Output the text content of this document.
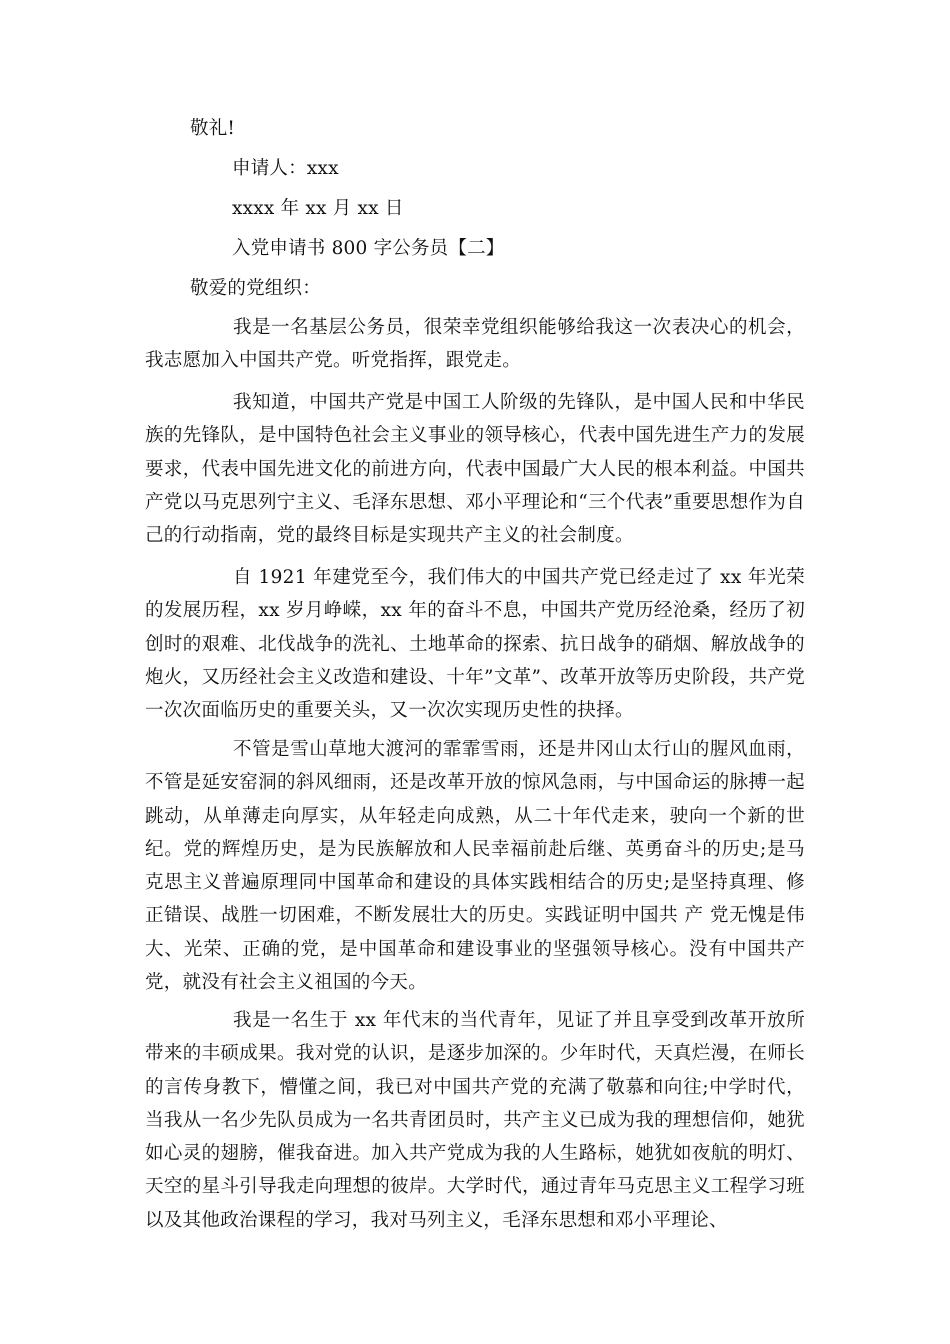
敬礼!
申请人：xxx
xxxx 年 xx 月 xx 日
入党申请书 800 字公务员【二】
敬爱的党组织：

我是一名基层公务员，很荣幸党组织能够给我这一次表决心的机会，我志愿加入中国共产党。听党指挥，跟党走。

我知道，中国共产党是中国工人阶级的先锋队，是中国人民和中华民族的先锋队，是中国特色社会主义事业的领导核心，代表中国先进生产力的发展要求，代表中国先进文化的前进方向，代表中国最广大人民的根本利益。中国共产党以马克思列宁主义、毛泽东思想、邓小平理论和“三个代表”重要思想作为自己的行动指南，党的最终目标是实现共产主义的社会制度。

自 1921 年建党至今，我们伟大的中国共产党已经走过了 xx 年光荣的发展历程，xx 岁月峥嵘，xx 年的奋斗不息，中国共产党历经沧桑，经历了初创时的艰难、北伐战争的洗礼、土地革命的探索、抗日战争的硝烟、解放战争的炮火，又历经社会主义改造和建设、十年”文革”、改革开放等历史阶段，共产党一次次面临历史的重要关头，又一次次实现历史性的抉择。

不管是雪山草地大渡河的霏霏雪雨，还是井冈山太行山的腥风血雨，不管是延安窑洞的斜风细雨，还是改革开放的惊风急雨，与中国命运的脉搏一起跳动，从单薄走向厚实，从年轻走向成熟，从二十年代走来，驶向一个新的世纪。党的辉煌历史，是为民族解放和人民幸福前赴后继、英勇奋斗的历史;是马克思主义普遍原理同中国革命和建设的具体实践相结合的历史;是坚持真理、修正错误、战胜一切困难，不断发展壮大的历史。实践证明中国共 产 党无愧是伟大、光荣、正确的党，是中国革命和建设事业的坚强领导核心。没有中国共产党，就没有社会主义祖国的今天。

我是一名生于 xx 年代末的当代青年，见证了并且享受到改革开放所带来的丰硕成果。我对党的认识，是逐步加深的。少年时代，天真烂漫，在师长的言传身教下，懵懂之间，我已对中国共产党的充满了敬慕和向往;中学时代，当我从一名少先队员成为一名共青团员时，共产主义已成为我的理想信仰，她犹如心灵的翅膀，催我奋进。加入共产党成为我的人生路标，她犹如夜航的明灯、天空的星斗引导我走向理想的彼岸。大学时代，通过青年马克思主义工程学习班以及其他政治课程的学习，我对马列主义，毛泽东思想和邓小平理论、
